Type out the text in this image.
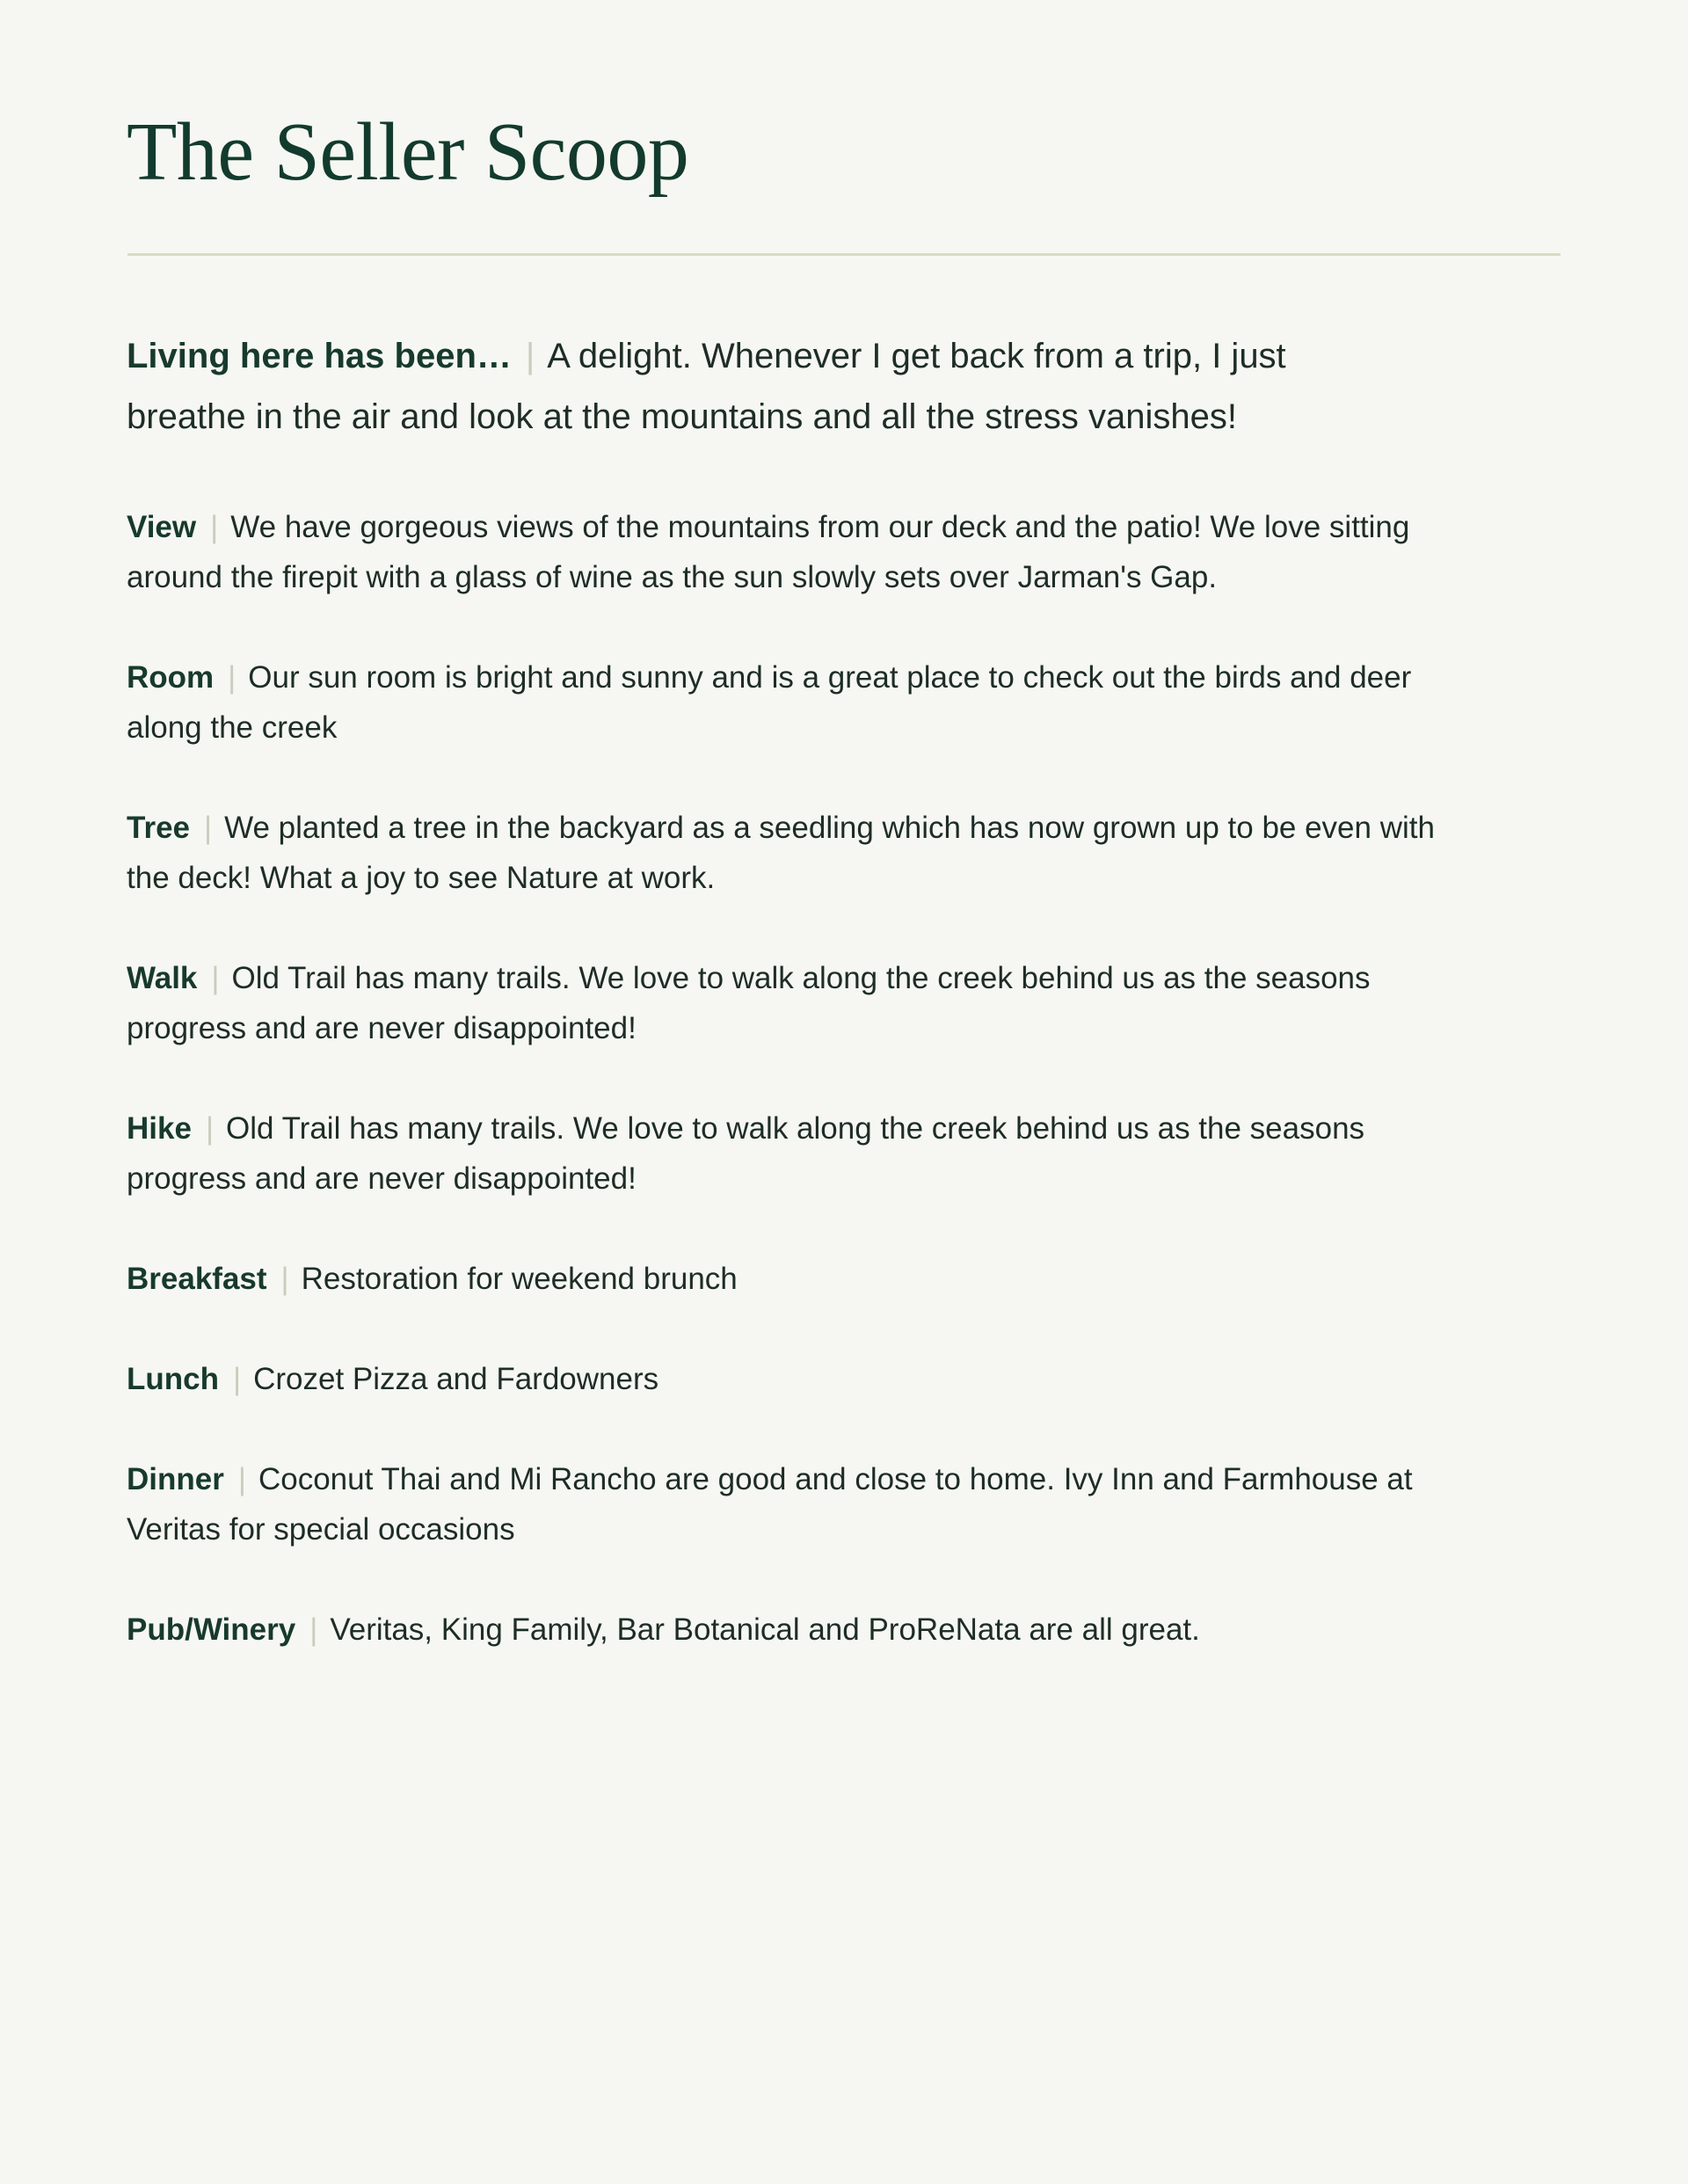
The Seller Scoop
Living here has been… | A delight. Whenever I get back from a trip, I just breathe in the air and look at the mountains and all the stress vanishes!
View | We have gorgeous views of the mountains from our deck and the patio! We love sitting around the firepit with a glass of wine as the sun slowly sets over Jarman's Gap.
Room | Our sun room is bright and sunny and is a great place to check out the birds and deer along the creek
Tree | We planted a tree in the backyard as a seedling which has now grown up to be even with the deck! What a joy to see Nature at work.
Walk | Old Trail has many trails. We love to walk along the creek behind us as the seasons progress and are never disappointed!
Hike | Old Trail has many trails. We love to walk along the creek behind us as the seasons progress and are never disappointed!
Breakfast | Restoration for weekend brunch
Lunch | Crozet Pizza and Fardowners
Dinner | Coconut Thai and Mi Rancho are good and close to home. Ivy Inn and Farmhouse at Veritas for special occasions
Pub/Winery | Veritas, King Family, Bar Botanical and ProReNata are all great.
